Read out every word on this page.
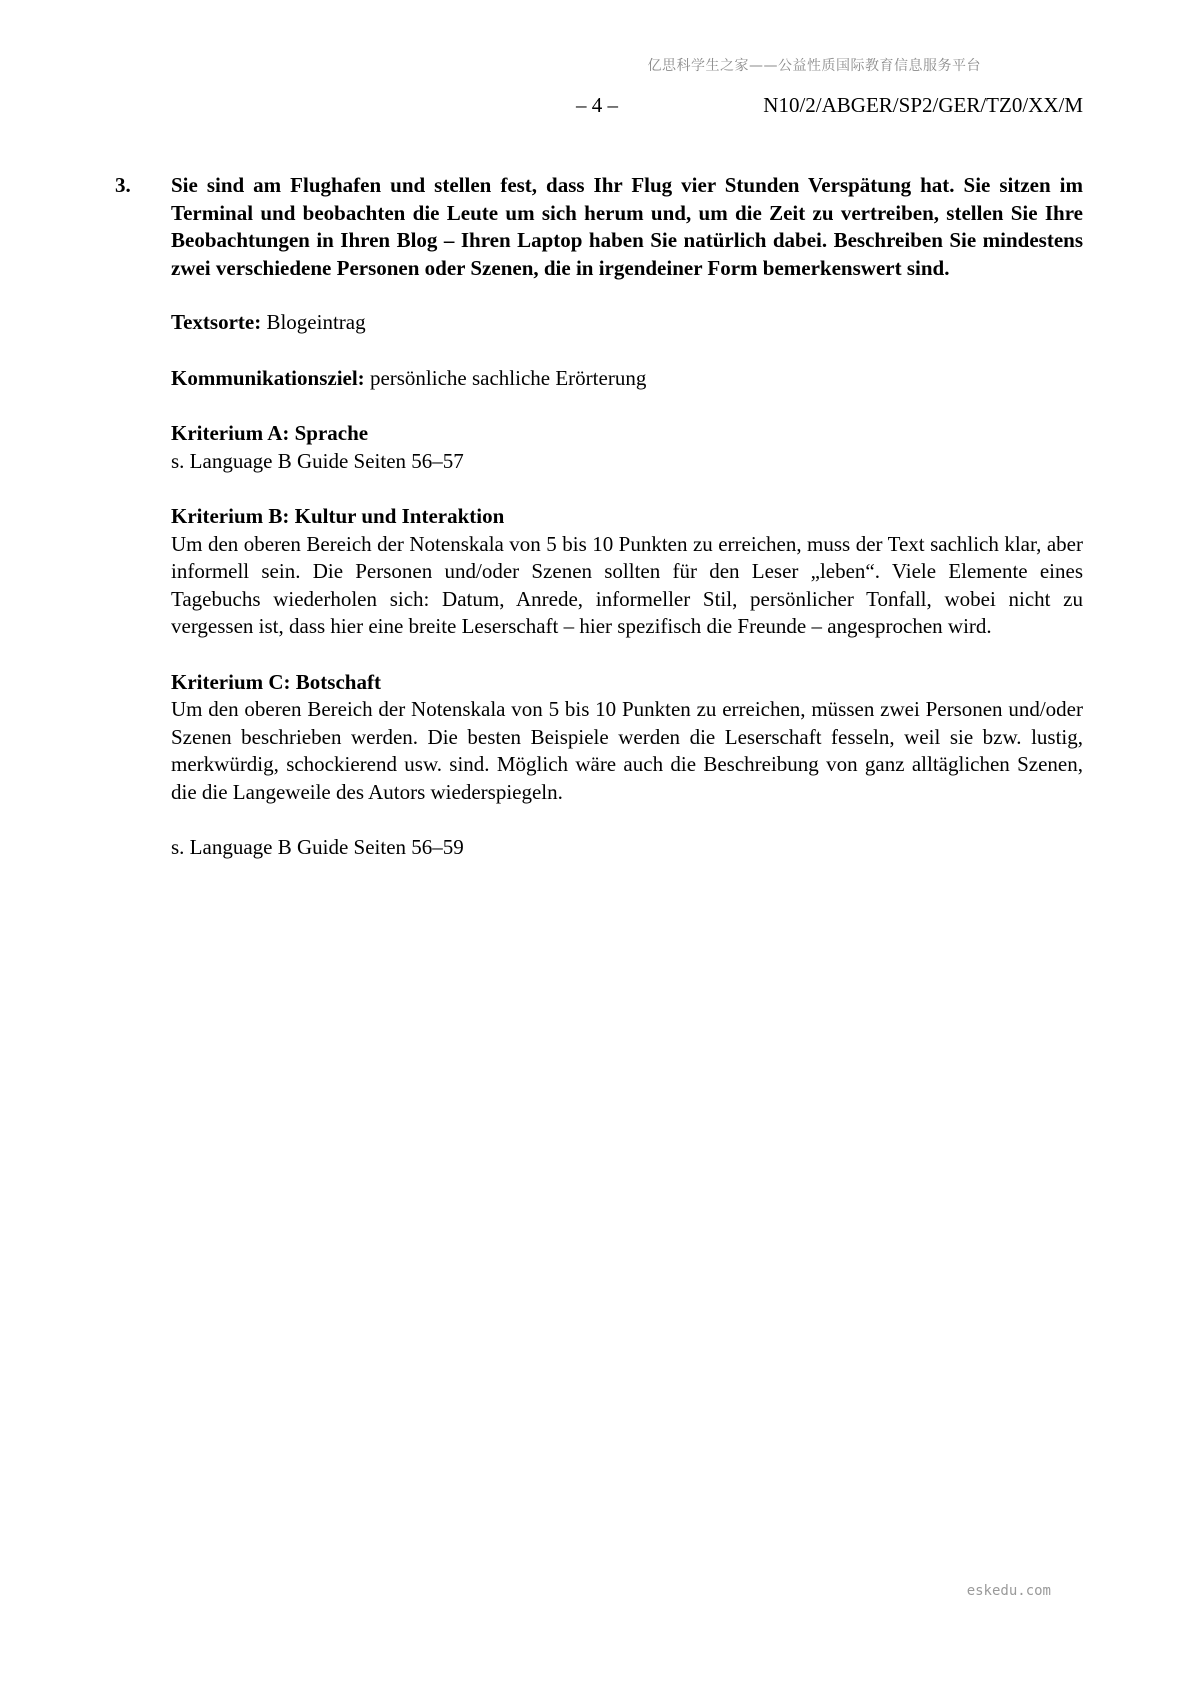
亿思科学生之家——公益性质国际教育信息服务平台
– 4 –	N10/2/ABGER/SP2/GER/TZ0/XX/M
3.	Sie sind am Flughafen und stellen fest, dass Ihr Flug vier Stunden Verspätung hat. Sie sitzen im Terminal und beobachten die Leute um sich herum und, um die Zeit zu vertreiben, stellen Sie Ihre Beobachtungen in Ihren Blog – Ihren Laptop haben Sie natürlich dabei. Beschreiben Sie mindestens zwei verschiedene Personen oder Szenen, die in irgendeiner Form bemerkenswert sind.
Textsorte: Blogeintrag
Kommunikationsziel: persönliche sachliche Erörterung
Kriterium A: Sprache
s. Language B Guide Seiten 56–57
Kriterium B: Kultur und Interaktion
Um den oberen Bereich der Notenskala von 5 bis 10 Punkten zu erreichen, muss der Text sachlich klar, aber informell sein. Die Personen und/oder Szenen sollten für den Leser „leben“. Viele Elemente eines Tagebuchs wiederholen sich: Datum, Anrede, informeller Stil, persönlicher Tonfall, wobei nicht zu vergessen ist, dass hier eine breite Leserschaft – hier spezifisch die Freunde – angesprochen wird.
Kriterium C: Botschaft
Um den oberen Bereich der Notenskala von 5 bis 10 Punkten zu erreichen, müssen zwei Personen und/oder Szenen beschrieben werden. Die besten Beispiele werden die Leserschaft fesseln, weil sie bzw. lustig, merkwürdig, schockierend usw. sind. Möglich wäre auch die Beschreibung von ganz alltäglichen Szenen, die die Langeweile des Autors wiederspiegeln.
s. Language B Guide Seiten 56–59
eskedu.com
